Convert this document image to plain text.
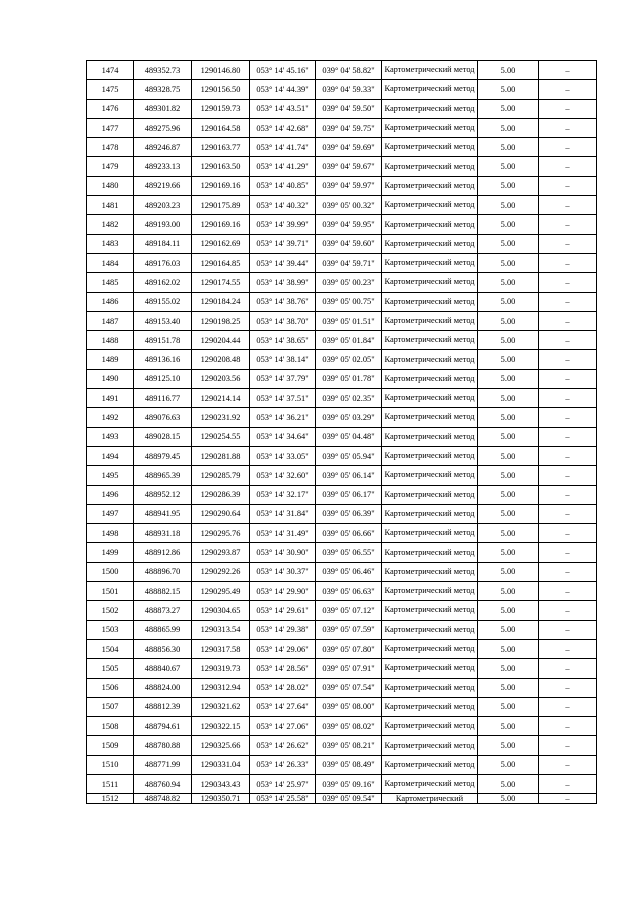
1474	489352.73	1290146.80	053° 14' 45.16"	039° 04' 58.82"	Картометрический метод	5.00	–
1475	489328.75	1290156.50	053° 14' 44.39"	039° 04' 59.33"	Картометрический метод	5.00	–
1476	489301.82	1290159.73	053° 14' 43.51"	039° 04' 59.50"	Картометрический метод	5.00	–
1477	489275.96	1290164.58	053° 14' 42.68"	039° 04' 59.75"	Картометрический метод	5.00	–
1478	489246.87	1290163.77	053° 14' 41.74"	039° 04' 59.69"	Картометрический метод	5.00	–
1479	489233.13	1290163.50	053° 14' 41.29"	039° 04' 59.67"	Картометрический метод	5.00	–
1480	489219.66	1290169.16	053° 14' 40.85"	039° 04' 59.97"	Картометрический метод	5.00	–
1481	489203.23	1290175.89	053° 14' 40.32"	039° 05' 00.32"	Картометрический метод	5.00	–
1482	489193.00	1290169.16	053° 14' 39.99"	039° 04' 59.95"	Картометрический метод	5.00	–
1483	489184.11	1290162.69	053° 14' 39.71"	039° 04' 59.60"	Картометрический метод	5.00	–
1484	489176.03	1290164.85	053° 14' 39.44"	039° 04' 59.71"	Картометрический метод	5.00	–
1485	489162.02	1290174.55	053° 14' 38.99"	039° 05' 00.23"	Картометрический метод	5.00	–
1486	489155.02	1290184.24	053° 14' 38.76"	039° 05' 00.75"	Картометрический метод	5.00	–
1487	489153.40	1290198.25	053° 14' 38.70"	039° 05' 01.51"	Картометрический метод	5.00	–
1488	489151.78	1290204.44	053° 14' 38.65"	039° 05' 01.84"	Картометрический метод	5.00	–
1489	489136.16	1290208.48	053° 14' 38.14"	039° 05' 02.05"	Картометрический метод	5.00	–
1490	489125.10	1290203.56	053° 14' 37.79"	039° 05' 01.78"	Картометрический метод	5.00	–
1491	489116.77	1290214.14	053° 14' 37.51"	039° 05' 02.35"	Картометрический метод	5.00	–
1492	489076.63	1290231.92	053° 14' 36.21"	039° 05' 03.29"	Картометрический метод	5.00	–
1493	489028.15	1290254.55	053° 14' 34.64"	039° 05' 04.48"	Картометрический метод	5.00	–
1494	488979.45	1290281.88	053° 14' 33.05"	039° 05' 05.94"	Картометрический метод	5.00	–
1495	488965.39	1290285.79	053° 14' 32.60"	039° 05' 06.14"	Картометрический метод	5.00	–
1496	488952.12	1290286.39	053° 14' 32.17"	039° 05' 06.17"	Картометрический метод	5.00	–
1497	488941.95	1290290.64	053° 14' 31.84"	039° 05' 06.39"	Картометрический метод	5.00	–
1498	488931.18	1290295.76	053° 14' 31.49"	039° 05' 06.66"	Картометрический метод	5.00	–
1499	488912.86	1290293.87	053° 14' 30.90"	039° 05' 06.55"	Картометрический метод	5.00	–
1500	488896.70	1290292.26	053° 14' 30.37"	039° 05' 06.46"	Картометрический метод	5.00	–
1501	488882.15	1290295.49	053° 14' 29.90"	039° 05' 06.63"	Картометрический метод	5.00	–
1502	488873.27	1290304.65	053° 14' 29.61"	039° 05' 07.12"	Картометрический метод	5.00	–
1503	488865.99	1290313.54	053° 14' 29.38"	039° 05' 07.59"	Картометрический метод	5.00	–
1504	488856.30	1290317.58	053° 14' 29.06"	039° 05' 07.80"	Картометрический метод	5.00	–
1505	488840.67	1290319.73	053° 14' 28.56"	039° 05' 07.91"	Картометрический метод	5.00	–
1506	488824.00	1290312.94	053° 14' 28.02"	039° 05' 07.54"	Картометрический метод	5.00	–
1507	488812.39	1290321.62	053° 14' 27.64"	039° 05' 08.00"	Картометрический метод	5.00	–
1508	488794.61	1290322.15	053° 14' 27.06"	039° 05' 08.02"	Картометрический метод	5.00	–
1509	488780.88	1290325.66	053° 14' 26.62"	039° 05' 08.21"	Картометрический метод	5.00	–
1510	488771.99	1290331.04	053° 14' 26.33"	039° 05' 08.49"	Картометрический метод	5.00	–
1511	488760.94	1290343.43	053° 14' 25.97"	039° 05' 09.16"	Картометрический метод	5.00	–
1512	488748.82	1290350.71	053° 14' 25.58"	039° 05' 09.54"	Картометрический	5.00	–
